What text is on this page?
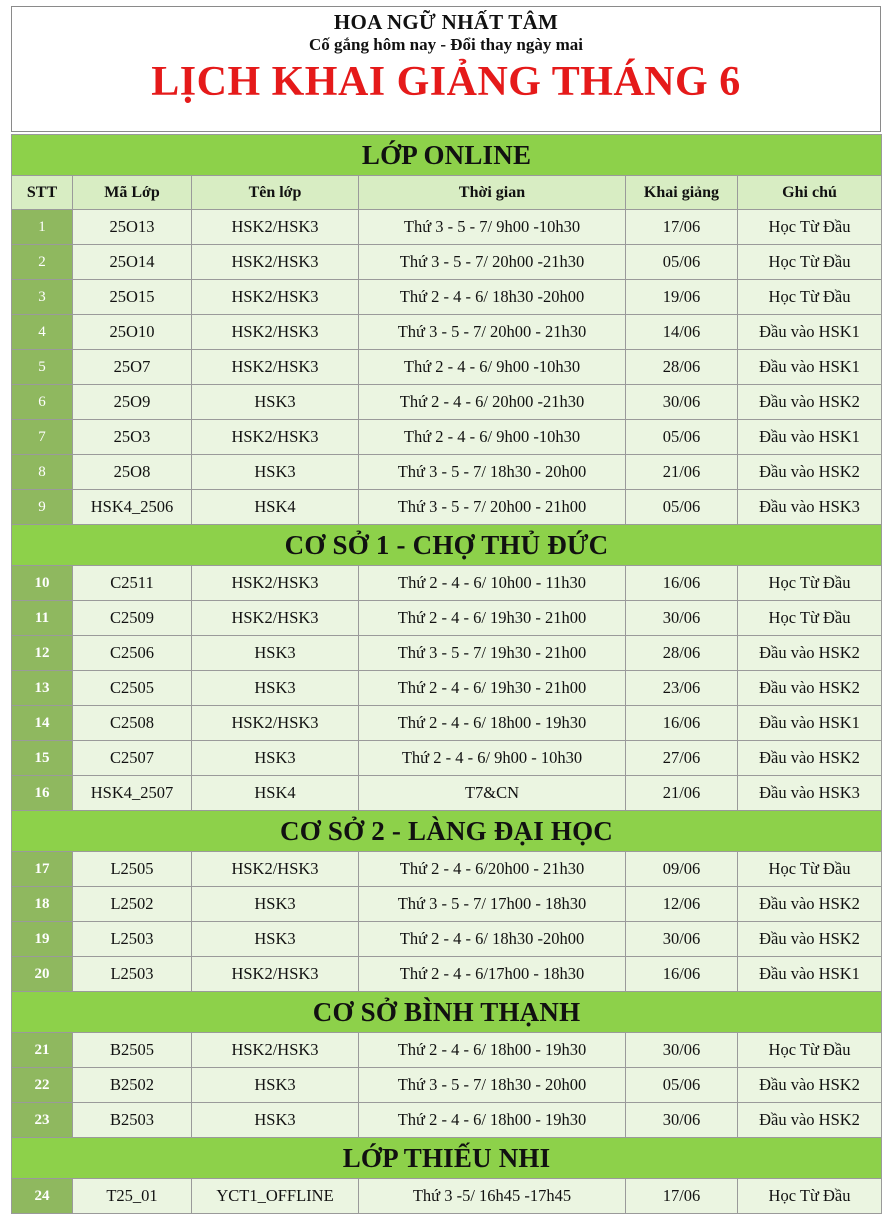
HOA NGỮ NHẤT TÂM
Cố gắng hôm nay - Đổi thay ngày mai
LỊCH KHAI GIẢNG THÁNG 6
LỚP ONLINE					
STT	Mã Lớp	Tên lớp	Thời gian	Khai giảng	Ghi chú
1	25O13	HSK2/HSK3	Thứ 3 - 5 - 7/ 9h00 -10h30	17/06	Học Từ Đầu
2	25O14	HSK2/HSK3	Thứ 3 - 5 - 7/ 20h00 -21h30	05/06	Học Từ Đầu
3	25O15	HSK2/HSK3	Thứ 2 - 4 - 6/ 18h30 -20h00	19/06	Học Từ Đầu
4	25O10	HSK2/HSK3	Thứ 3 - 5 - 7/ 20h00 - 21h30	14/06	Đầu vào HSK1
5	25O7	HSK2/HSK3	Thứ 2 - 4 - 6/ 9h00 -10h30	28/06	Đầu vào HSK1
6	25O9	HSK3	Thứ 2 - 4 - 6/ 20h00 -21h30	30/06	Đầu vào HSK2
7	25O3	HSK2/HSK3	Thứ 2 - 4 - 6/ 9h00 -10h30	05/06	Đầu vào HSK1
8	25O8	HSK3	Thứ 3 - 5 - 7/ 18h30 - 20h00	21/06	Đầu vào HSK2
9	HSK4_2506	HSK4	Thứ 3 - 5 - 7/ 20h00 - 21h00	05/06	Đầu vào HSK3
CƠ SỞ 1 - CHỢ THỦ ĐỨC					
10	C2511	HSK2/HSK3	Thứ 2 - 4 - 6/ 10h00 - 11h30	16/06	Học Từ Đầu
11	C2509	HSK2/HSK3	Thứ 2 - 4 - 6/ 19h30 - 21h00	30/06	Học Từ Đầu
12	C2506	HSK3	Thứ 3 - 5 - 7/ 19h30 - 21h00	28/06	Đầu vào HSK2
13	C2505	HSK3	Thứ 2 - 4 - 6/ 19h30 - 21h00	23/06	Đầu vào HSK2
14	C2508	HSK2/HSK3	Thứ 2 - 4 - 6/ 18h00 - 19h30	16/06	Đầu vào HSK1
15	C2507	HSK3	Thứ 2 - 4 - 6/ 9h00 - 10h30	27/06	Đầu vào HSK2
16	HSK4_2507	HSK4	T7&CN	21/06	Đầu vào HSK3
CƠ SỞ 2 - LÀNG ĐẠI HỌC					
17	L2505	HSK2/HSK3	Thứ 2 - 4 - 6/20h00 - 21h30	09/06	Học Từ Đầu
18	L2502	HSK3	Thứ 3 - 5 - 7/ 17h00 - 18h30	12/06	Đầu vào HSK2
19	L2503	HSK3	Thứ 2 - 4 - 6/ 18h30 -20h00	30/06	Đầu vào HSK2
20	L2503	HSK2/HSK3	Thứ 2 - 4 - 6/17h00 - 18h30	16/06	Đầu vào HSK1
CƠ SỞ BÌNH THẠNH					
21	B2505	HSK2/HSK3	Thứ 2 - 4 - 6/ 18h00 - 19h30	30/06	Học Từ Đầu
22	B2502	HSK3	Thứ 3 - 5 - 7/ 18h30 - 20h00	05/06	Đầu vào HSK2
23	B2503	HSK3	Thứ 2 - 4 - 6/ 18h00 - 19h30	30/06	Đầu vào HSK2
LỚP THIẾU NHI					
24	T25_01	YCT1_OFFLINE	Thứ 3 -5/ 16h45 -17h45	17/06	Học Từ Đầu
